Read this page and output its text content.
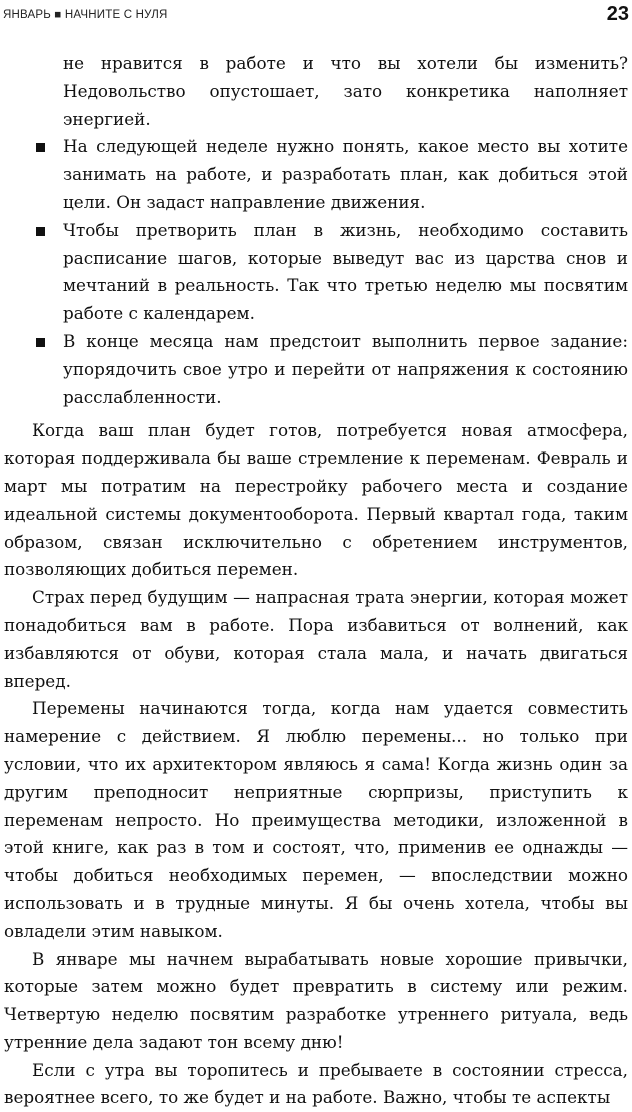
ЯНВАРЬ ■ НАЧНИТЕ С НУЛЯ	23

не нравится в работе и что вы хотели бы изменить? Недовольство опустошает, зато конкретика наполняет энергией.

На следующей неделе нужно понять, какое место вы хотите занимать на работе, и разработать план, как добиться этой цели. Он задаст направление движения.
Чтобы претворить план в жизнь, необходимо составить расписание шагов, которые выведут вас из царства снов и мечтаний в реальность. Так что третью неделю мы посвятим работе с календарем.
В конце месяца нам предстоит выполнить первое задание: упорядочить свое утро и перейти от напряжения к состоянию расслабленности.

Когда ваш план будет готов, потребуется новая атмосфера, которая поддерживала бы ваше стремление к переменам. Февраль и март мы потратим на перестройку рабочего места и создание идеальной системы документооборота. Первый квартал года, таким образом, связан исключительно с обретением инструментов, позволяющих добиться перемен.

Страх перед будущим — напрасная трата энергии, которая может понадобиться вам в работе. Пора избавиться от волнений, как избавляются от обуви, которая стала мала, и начать двигаться вперед.

Перемены начинаются тогда, когда нам удается совместить намерение с действием. Я люблю перемены... но только при условии, что их архитектором являюсь я сама! Когда жизнь один за другим преподносит неприятные сюрпризы, приступить к переменам непросто. Но преимущества методики, изложенной в этой книге, как раз в том и состоят, что, применив ее однажды — чтобы добиться необходимых перемен, — впоследствии можно использовать и в трудные минуты. Я бы очень хотела, чтобы вы овладели этим навыком.

В январе мы начнем вырабатывать новые хорошие привычки, которые затем можно будет превратить в систему или режим. Четвертую неделю посвятим разработке утреннего ритуала, ведь утренние дела задают тон всему дню!

Если с утра вы торопитесь и пребываете в состоянии стресса, вероятнее всего, то же будет и на работе. Важно, чтобы те аспекты
